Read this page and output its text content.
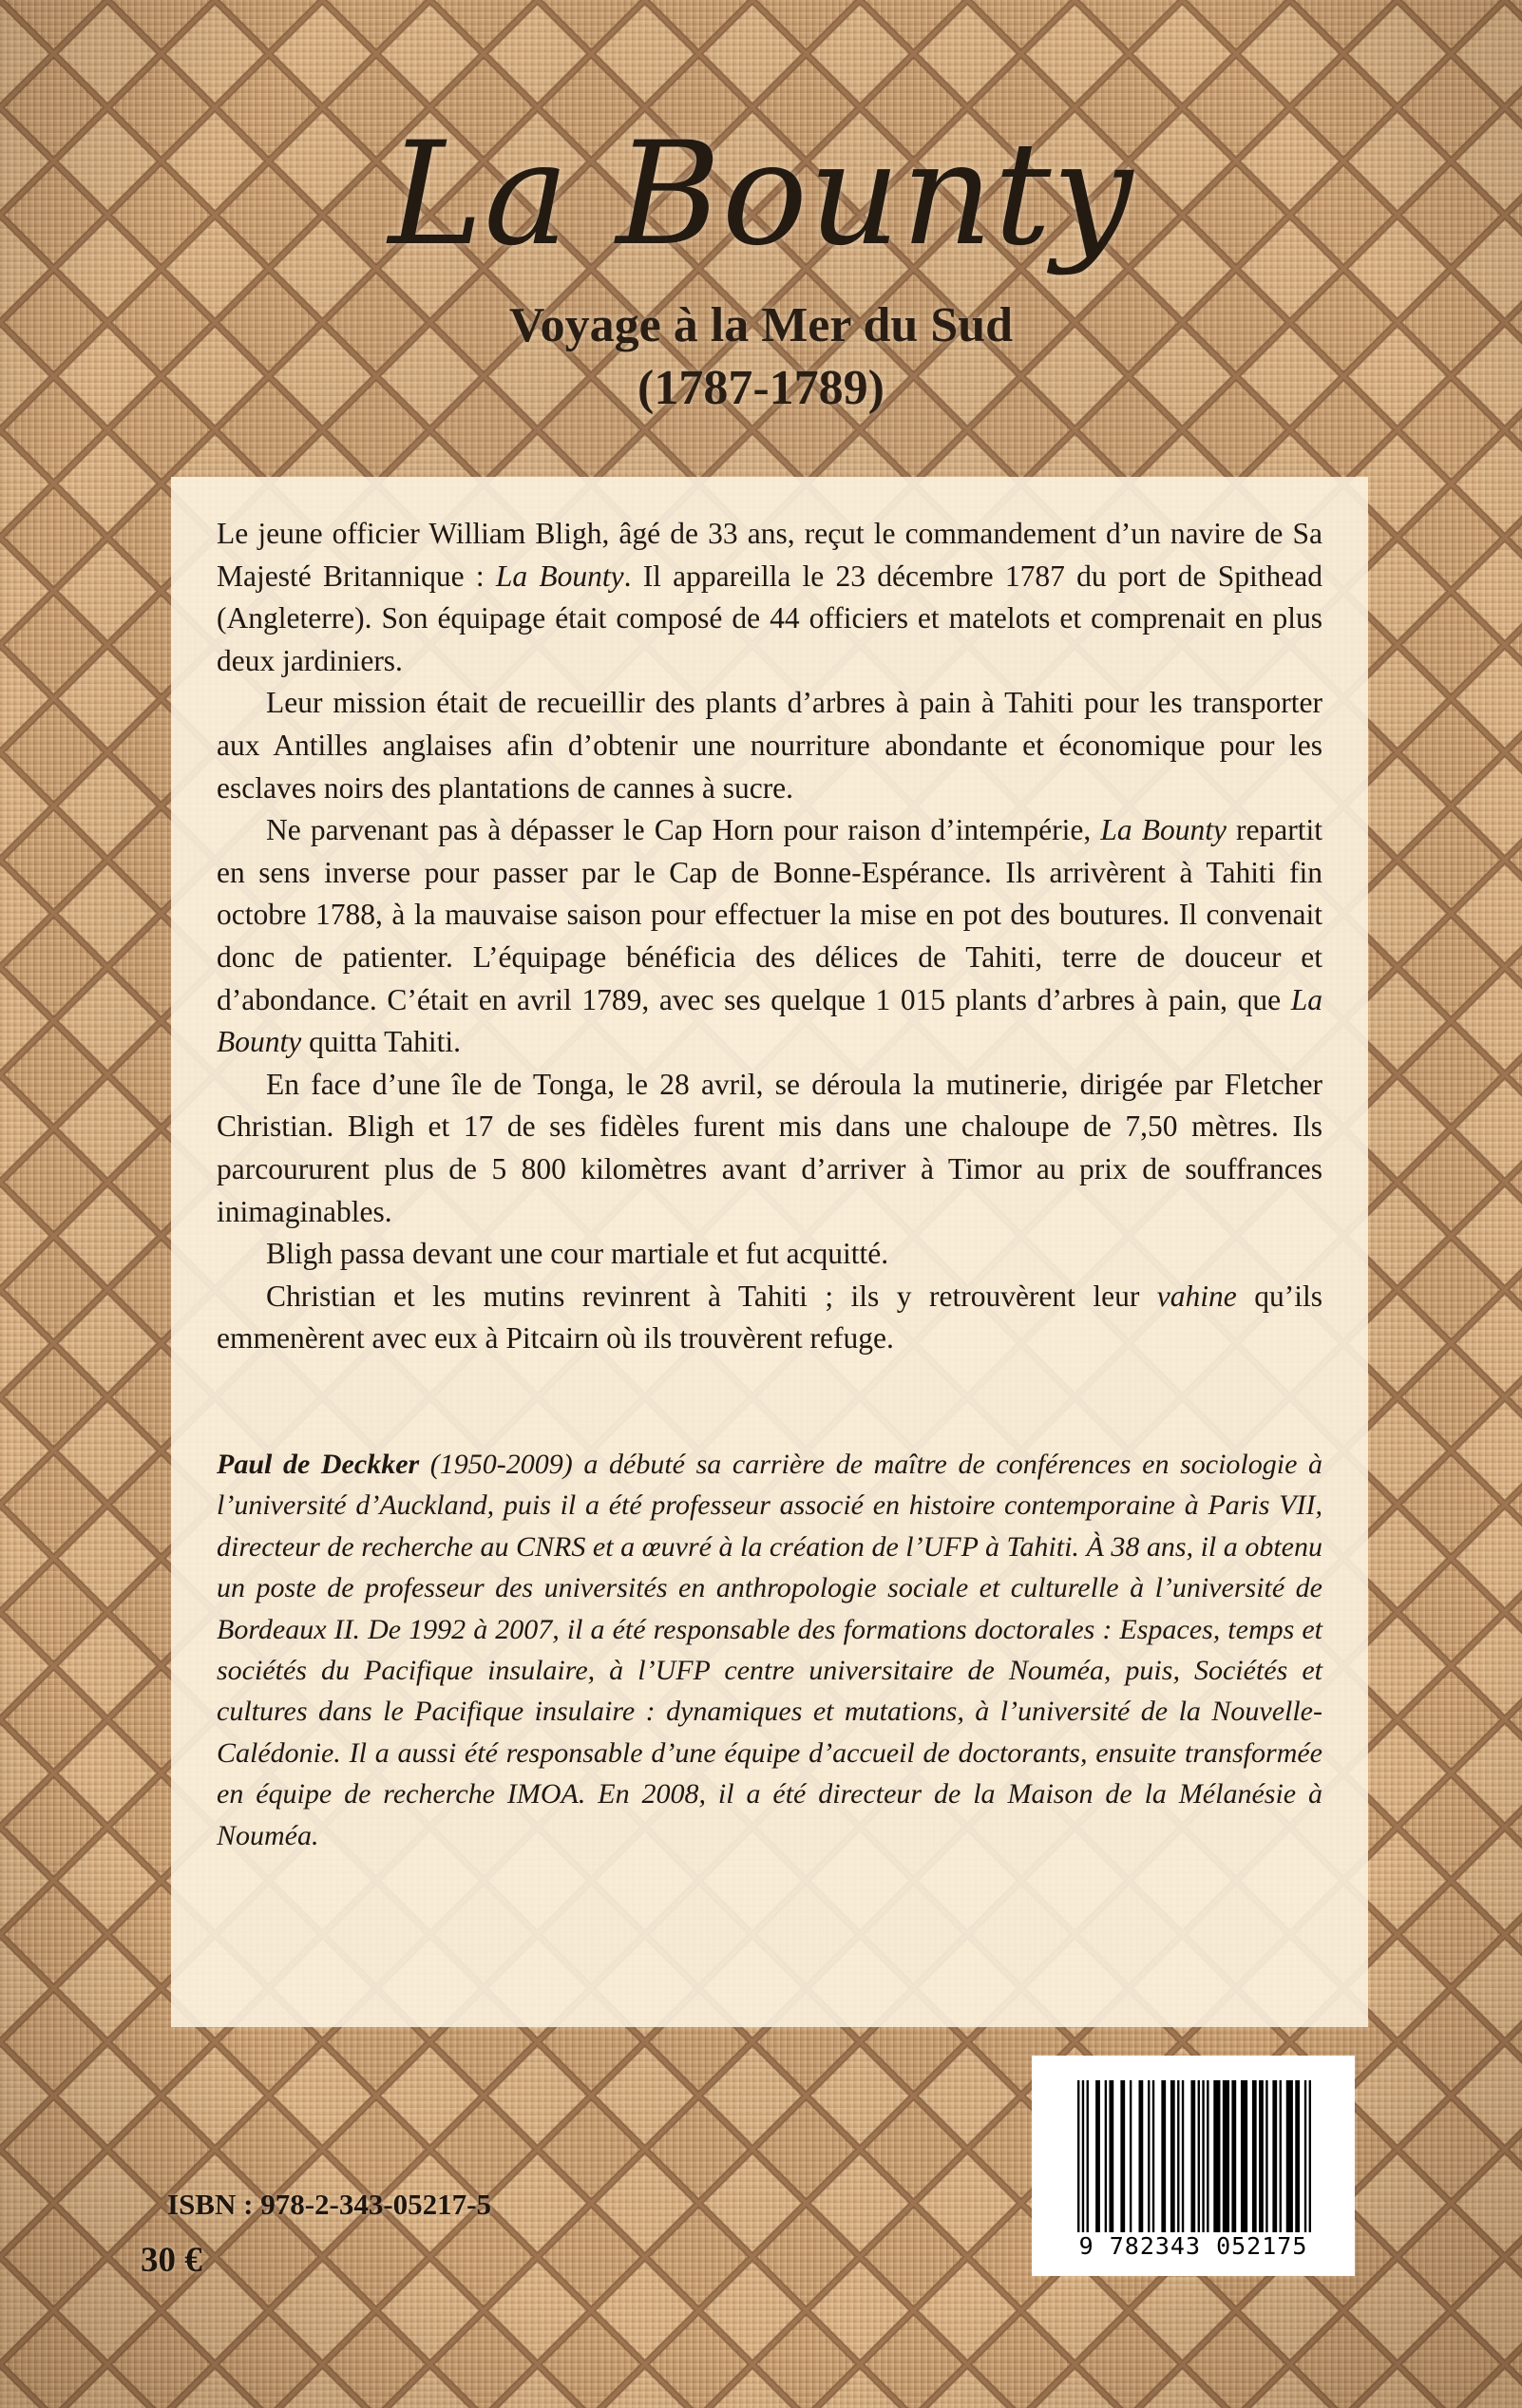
La Bounty
Voyage à la Mer du Sud
(1787-1789)

Le jeune officier William Bligh, âgé de 33 ans, reçut le commandement d’un navire de Sa Majesté Britannique : La Bounty. Il appareilla le 23 décembre 1787 du port de Spithead (Angleterre). Son équipage était composé de 44 officiers et matelots et comprenait en plus deux jardiniers.

Leur mission était de recueillir des plants d’arbres à pain à Tahiti pour les transporter aux Antilles anglaises afin d’obtenir une nourriture abondante et économique pour les esclaves noirs des plantations de cannes à sucre.

Ne parvenant pas à dépasser le Cap Horn pour raison d’intempérie, La Bounty repartit en sens inverse pour passer par le Cap de Bonne-Espérance. Ils arrivèrent à Tahiti fin octobre 1788, à la mauvaise saison pour effectuer la mise en pot des boutures. Il convenait donc de patienter. L’équipage bénéficia des délices de Tahiti, terre de douceur et d’abondance. C’était en avril 1789, avec ses quelque 1 015 plants d’arbres à pain, que La Bounty quitta Tahiti.

En face d’une île de Tonga, le 28 avril, se déroula la mutinerie, dirigée par Fletcher Christian. Bligh et 17 de ses fidèles furent mis dans une chaloupe de 7,50 mètres. Ils parcoururent plus de 5 800 kilomètres avant d’arriver à Timor au prix de souffrances inimaginables.

Bligh passa devant une cour martiale et fut acquitté.

Christian et les mutins revinrent à Tahiti ; ils y retrouvèrent leur vahine qu’ils emmenèrent avec eux à Pitcairn où ils trouvèrent refuge.

Paul de Deckker (1950-2009) a débuté sa carrière de maître de conférences en sociologie à l’université d’Auckland, puis il a été professeur associé en histoire contemporaine à Paris VII, directeur de recherche au CNRS et a œuvré à la création de l’UFP à Tahiti. À 38 ans, il a obtenu un poste de professeur des universités en anthropologie sociale et culturelle à l’université de Bordeaux II. De 1992 à 2007, il a été responsable des formations doctorales : Espaces, temps et sociétés du Pacifique insulaire, à l’UFP centre universitaire de Nouméa, puis, Sociétés et cultures dans le Pacifique insulaire : dynamiques et mutations, à l’université de la Nouvelle-Calédonie. Il a aussi été responsable d’une équipe d’accueil de doctorants, ensuite transformée en équipe de recherche IMOA. En 2008, il a été directeur de la Maison de la Mélanésie à Nouméa.

ISBN : 978-2-343-05217-5
30 €	9 782343 052175
